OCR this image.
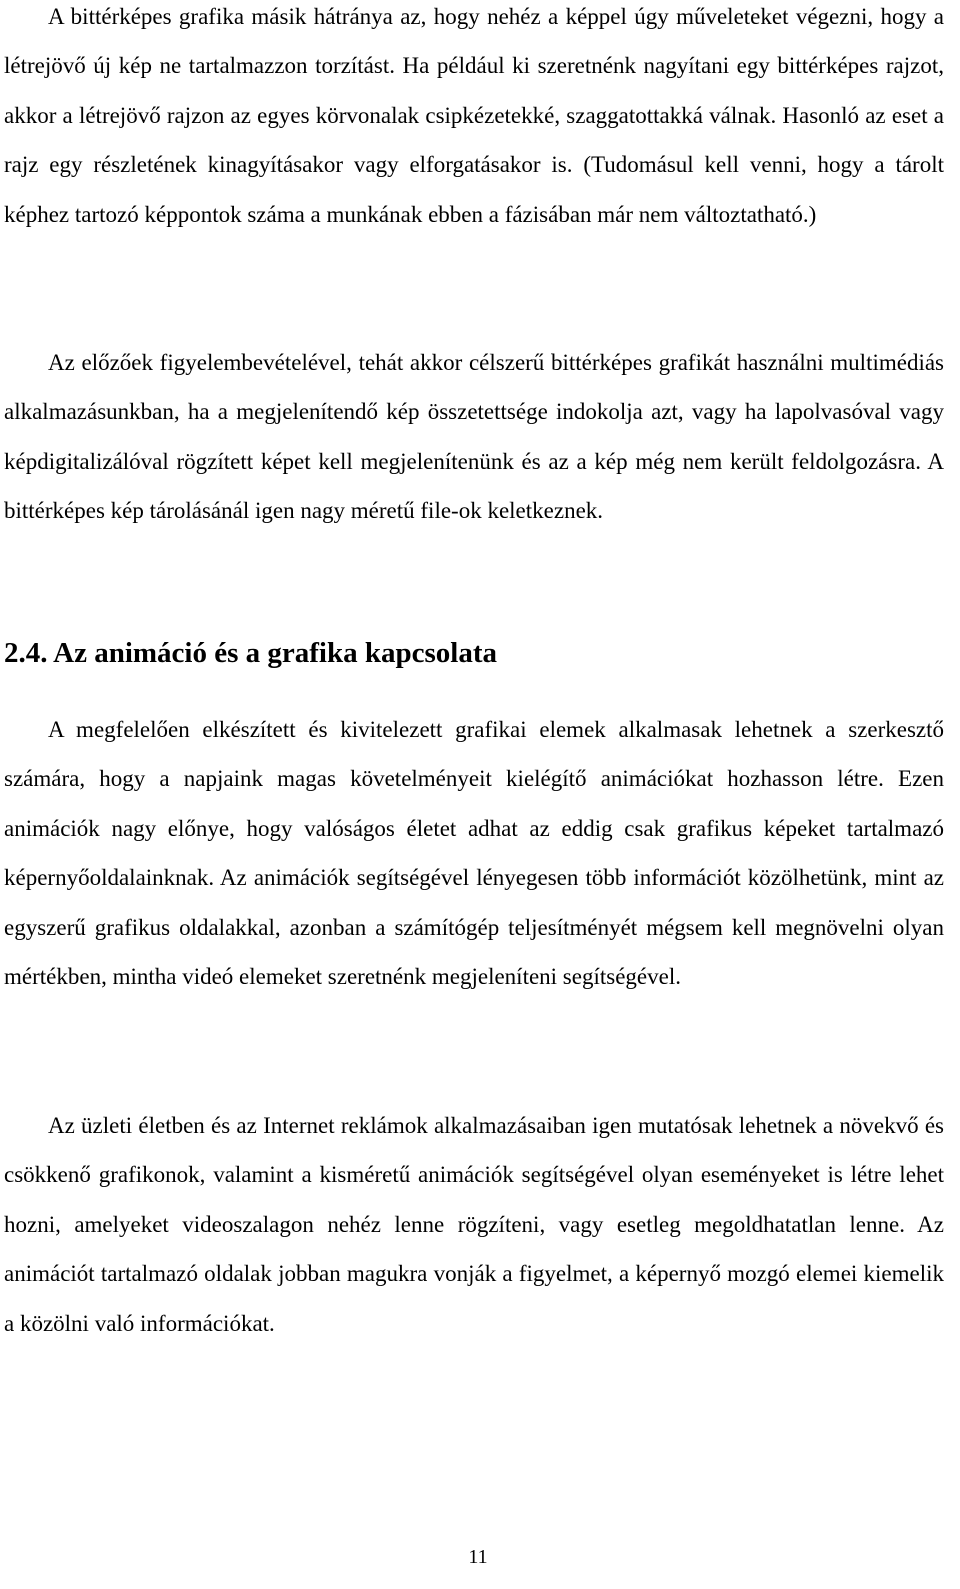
A bittérképes grafika másik hátránya az, hogy nehéz a képpel úgy műveleteket végezni, hogy a létrejövő új kép ne tartalmazzon torzítást. Ha például ki szeretnénk nagyítani egy bittérképes rajzot, akkor a létrejövő rajzon az egyes körvonalak csipkézetekké, szaggatottakká válnak. Hasonló az eset a rajz egy részletének kinagyításakor vagy elforgatásakor is. (Tudomásul kell venni, hogy a tárolt képhez tartozó képpontok száma a munkának ebben a fázisában már nem változtatható.)

Az előzőek figyelembevételével, tehát akkor célszerű bittérképes grafikát használni multimédiás alkalmazásunkban, ha a megjelenítendő kép összetettsége indokolja azt, vagy ha lapolvasóval vagy képdigitalizálóval rögzített képet kell megjelenítenünk és az a kép még nem került feldolgozásra. A bittérképes kép tárolásánál igen nagy méretű file-ok keletkeznek.

2.4. Az animáció és a grafika kapcsolata

A megfelelően elkészített és kivitelezett grafikai elemek alkalmasak lehetnek a szerkesztő számára, hogy a napjaink magas követelményeit kielégítő animációkat hozhasson létre. Ezen animációk nagy előnye, hogy valóságos életet adhat az eddig csak grafikus képeket tartalmazó képernyőoldalainknak. Az animációk segítségével lényegesen több információt közölhetünk, mint az egyszerű grafikus oldalakkal, azonban a számítógép teljesítményét mégsem kell megnövelni olyan mértékben, mintha videó elemeket szeretnénk megjeleníteni segítségével.

Az üzleti életben és az Internet reklámok alkalmazásaiban igen mutatósak lehetnek a növekvő és csökkenő grafikonok, valamint a kisméretű animációk segítségével olyan eseményeket is létre lehet hozni, amelyeket videoszalagon nehéz lenne rögzíteni, vagy esetleg megoldhatatlan lenne. Az animációt tartalmazó oldalak jobban magukra vonják a figyelmet, a képernyő mozgó elemei kiemelik a közölni való információkat.

11
